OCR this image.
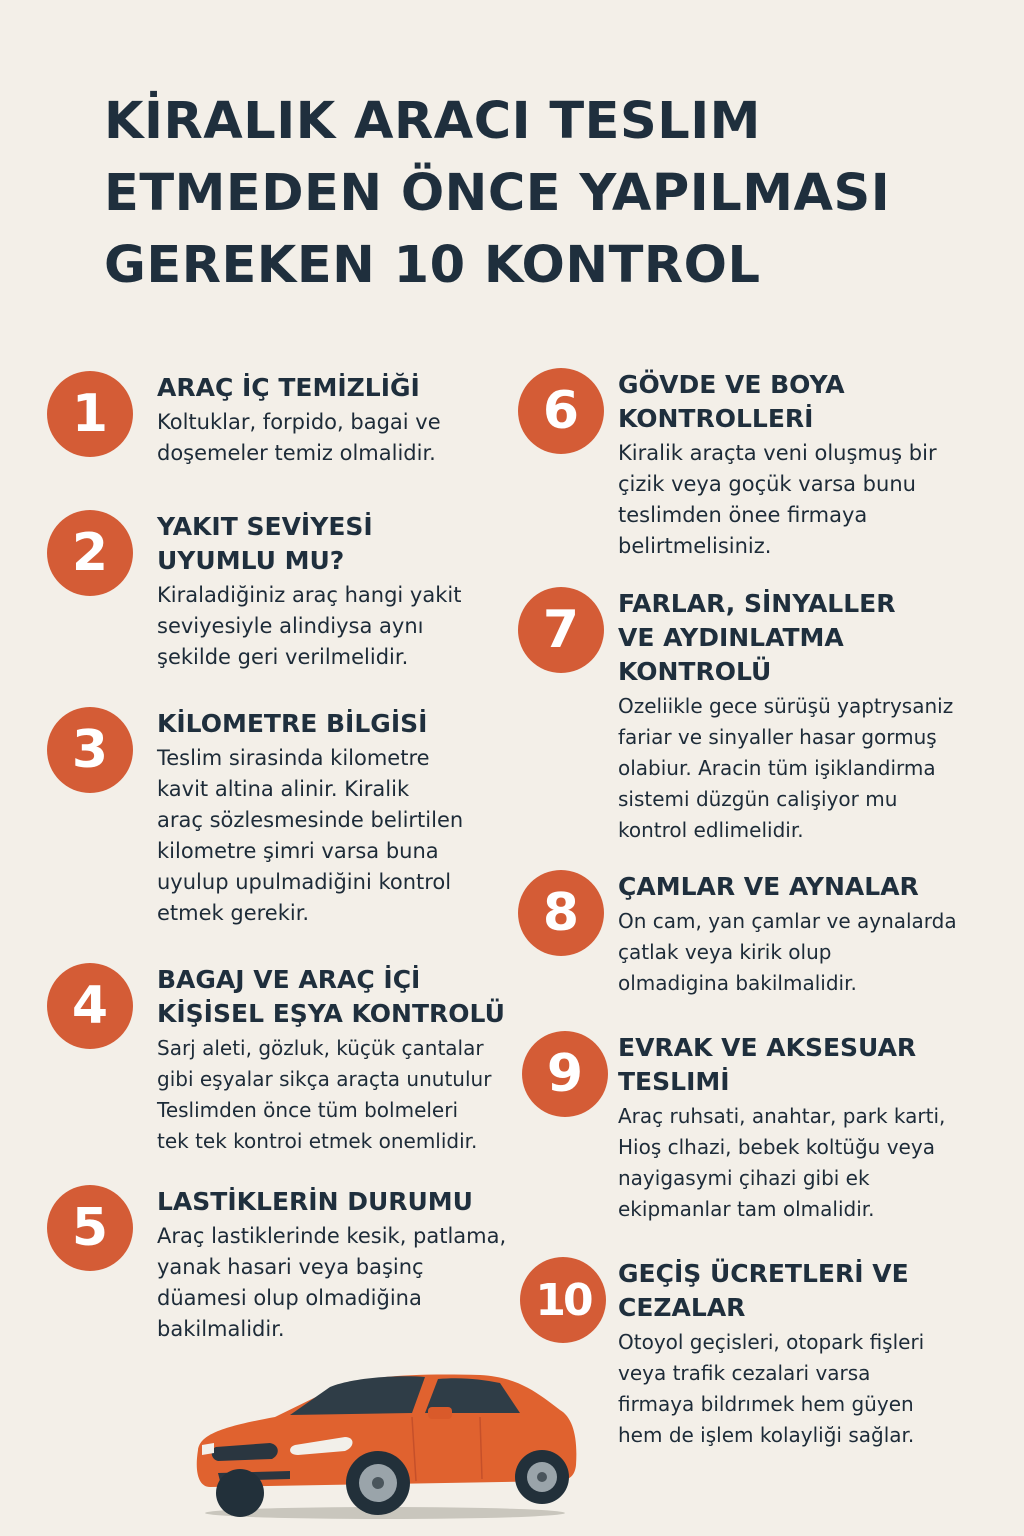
KİRALIK ARACI TESLIM
ETMEDEN ÖNCE YAPILMASI
GEREKEN 10 KONTROL
1	ARAÇ İÇ TEMİZLİĞİ
Koltuklar, forpido, bagai ve
doşemeler temiz olmalidir.
2	YAKIT SEVİYESİ
UYUMLU MU?
Kiraladiğiniz araç hangi yakit
seviyesiyle alindiysa aynı
şekilde geri verilmelidir.
3	KİLOMETRE BİLGİSİ
Teslim sirasinda kilometre
kavit altina alinir. Kiralik
araç sözlesmesinde belirtilen
kilometre şimri varsa buna
uyulup upulmadiğini kontrol
etmek gerekir.
4	BAGAJ VE ARAÇ İÇİ
KİŞİSEL EŞYA KONTROLÜ
Sarj aleti, gözluk, küçük çantalar
gibi eşyalar sikça araçta unutulur
Teslimden önce tüm bolmeleri
tek tek kontroi etmek onemlidir.
5	LASTİKLERİN DURUMU
Araç lastiklerinde kesik, patlama,
yanak hasari veya başinç
düamesi olup olmadiğina
bakilmalidir.
6	GÖVDE VE BOYA
KONTROLLERİ
Kiralik araçta veni oluşmuş bir
çizik veya goçük varsa bunu
teslimden önee firmaya
belirtmelisiniz.
7	FARLAR, SİNYALLER
VE AYDINLATMA
KONTROLÜ
Ozeliikle gece sürüşü yaptrysaniz
fariar ve sinyaller hasar gormuş
olabiur. Aracin tüm işiklandirma
sistemi düzgün calişiyor mu
kontrol edlimelidir.
8	ÇAMLAR VE AYNALAR
On cam, yan çamlar ve aynalarda
çatlak veya kirik olup
olmadigina bakilmalidir.
9	EVRAK VE AKSESUAR
TESLIMİ
Araç ruhsati, anahtar, park karti,
Hioş clhazi, bebek koltüğu veya
nayigasymi çihazi gibi ek
ekipmanlar tam olmalidir.
10
GEÇİŞ ÜCRETLERİ VE
CEZALAR
Otoyol geçisleri, otopark fişleri
veya trafik cezalari varsa
firmaya bildrımek hem güyen
hem de işlem kolayliği sağlar.
